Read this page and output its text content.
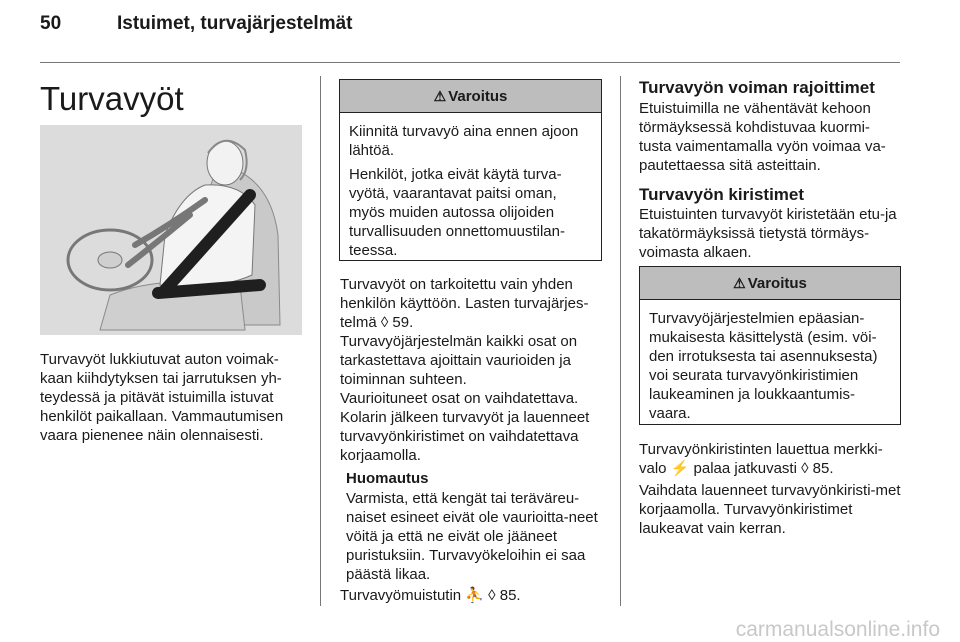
50	Istuimet, turvajärjestelmät
Turvavyöt

Turvavyöt lukkiutuvat auton voimak-kaan kiihdytyksen tai jarrutuksen yh-teydessä ja pitävät istuimilla istuvat henkilöt paikallaan. Vammautumisen vaara pienenee näin olennaisesti.

⚠ Varoitus

Kiinnitä turvavyö aina ennen ajoon lähtöä.

Henkilöt, jotka eivät käytä turva-vyötä, vaarantavat paitsi oman, myös muiden autossa olijoiden turvallisuuden onnettomuustilan-teessa.

Turvavyöt on tarkoitettu vain yhden henkilön käyttöön. Lasten turvajärjes-telmä ◊ 59.

Turvavyöjärjestelmän kaikki osat on tarkastettava ajoittain vaurioiden ja toiminnan suhteen.

Vaurioituneet osat on vaihdatettava. Kolarin jälkeen turvavyöt ja lauenneet turvavyönkiristimet on vaihdatettava korjaamolla.

Huomautus

Varmista, että kengät tai teräväreu-naiset esineet eivät ole vaurioitta-neet vöitä ja että ne eivät ole jääneet puristuksiin. Turvavyökeloihin ei saa päästä likaa.

Turvavyömuistutin ⛹ ◊ 85.

Turvavyön voiman rajoittimet

Etuistuimilla ne vähentävät kehoon törmäyksessä kohdistuvaa kuormi-tusta vaimentamalla vyön voimaa va-pautettaessa sitä asteittain.

Turvavyön kiristimet

Etuistuinten turvavyöt kiristetään etu-ja takatörmäyksissä tietystä törmäys-voimasta alkaen.

⚠ Varoitus

Turvavyöjärjestelmien epäasian-mukaisesta käsittelystä (esim. vöi-den irrotuksesta tai asennuksesta) voi seurata turvavyönkiristimien laukeaminen ja loukkaantumis-vaara.

Turvavyönkiristinten lauettua merkki-valo ⚡ palaa jatkuvasti ◊ 85.

Vaihdata lauenneet turvavyönkiristi-met korjaamolla. Turvavyönkiristimet laukeavat vain kerran.

carmanualsonline.info
